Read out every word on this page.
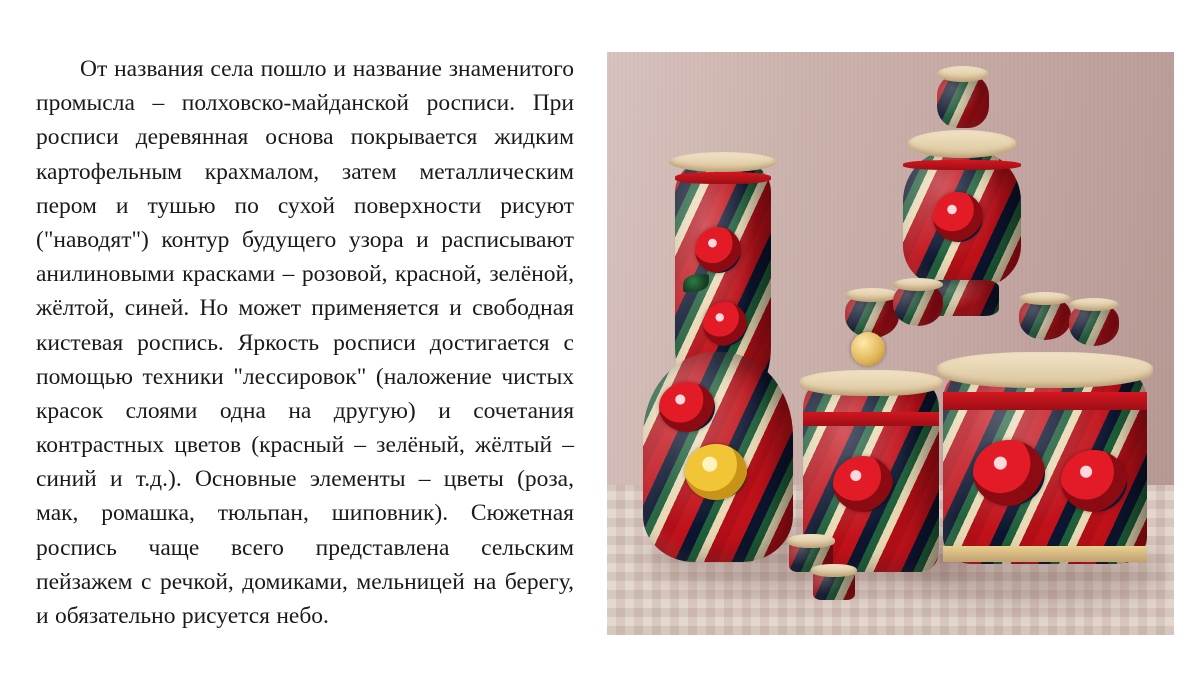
От названия села пошло и название знаменитого промысла – полховско-майданской росписи. При росписи деревянная основа покрывается жидким картофельным крахмалом, затем металлическим пером и тушью по сухой поверхности рисуют ("наводят") контур будущего узора и расписывают анилиновыми красками – розовой, красной, зелёной, жёлтой, синей. Но может применяется и свободная кистевая роспись. Яркость росписи достигается с помощью техники "лессировок" (наложение чистых красок слоями одна на другую) и сочетания контрастных цветов (красный – зелёный, жёлтый – синий и т.д.). Основные элементы – цветы (роза, мак, ромашка, тюльпан, шиповник). Сюжетная роспись чаще всего представлена сельским пейзажем с речкой, домиками, мельницей на берегу, и обязательно рисуется небо.
